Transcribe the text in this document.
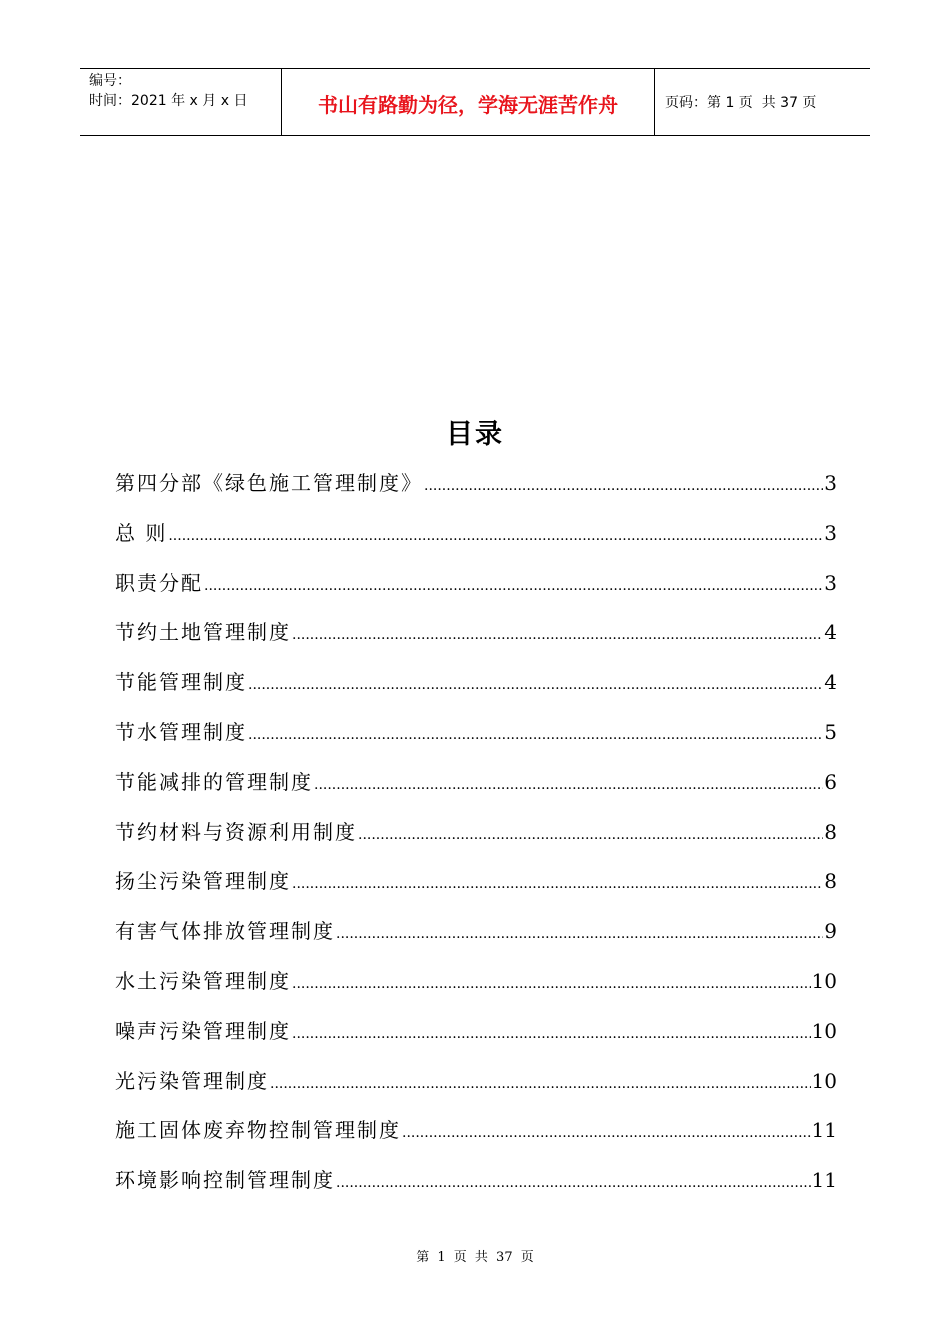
编号：
时间：2021 年 x 月 x 日	书山有路勤为径，学海无涯苦作舟	页码：第 1 页  共 37 页
目录
第四分部《绿色施工管理制度》 .....	3
总 则 .....	3
职责分配 .....	3
节约土地管理制度 .....	4
节能管理制度 .....	4
节水管理制度 .....	5
节能减排的管理制度 .....	6
节约材料与资源利用制度 .....	8
扬尘污染管理制度 .....	8
有害气体排放管理制度 .....	9
水土污染管理制度 .....	10
噪声污染管理制度 .....	10
光污染管理制度 .....	10
施工固体废弃物控制管理制度 .....	11
环境影响控制管理制度 .....	11
第 1 页 共 37 页
